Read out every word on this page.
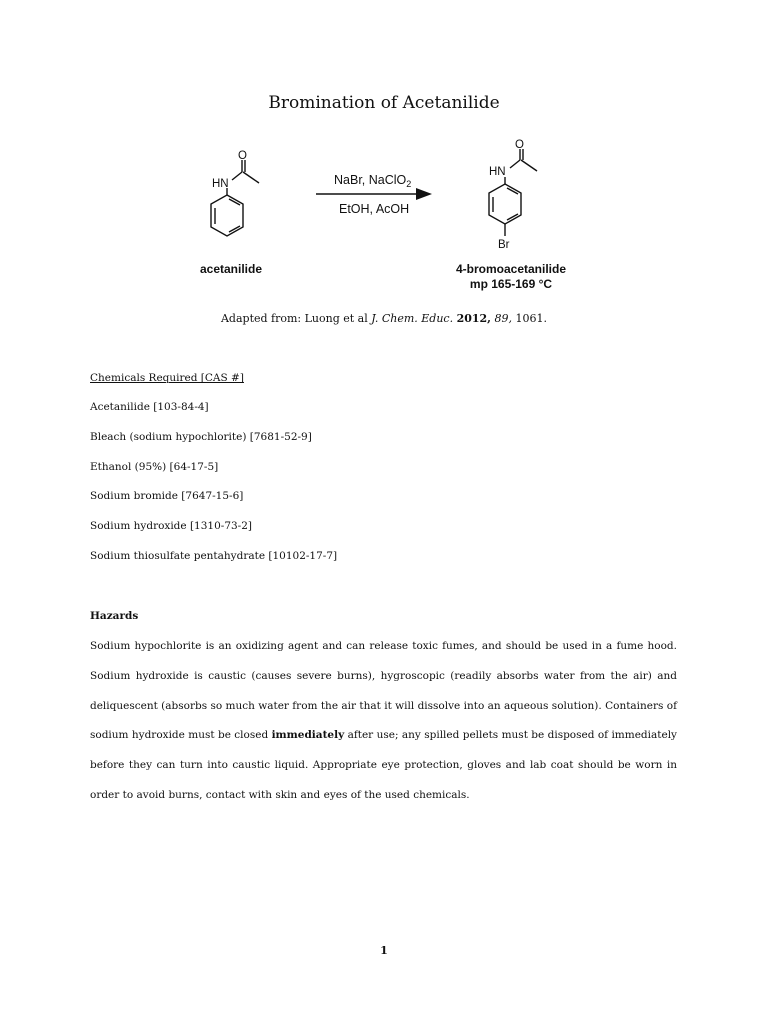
Bromination of Acetanilide
HN
O
NaBr, NaClO$_2$
EtOH, AcOH
HN
O
Br
acetanilide	4-bromoacetanilide
mp 165-169 °C
Adapted from: Luong et al J. Chem. Educ. 2012, 89, 1061.
Chemicals Required [CAS #]
Acetanilide [103-84-4]
Bleach (sodium hypochlorite) [7681-52-9]
Ethanol (95%) [64-17-5]
Sodium bromide [7647-15-6]
Sodium hydroxide [1310-73-2]
Sodium thiosulfate pentahydrate [10102-17-7]
Hazards
Sodium hypochlorite is an oxidizing agent and can release toxic fumes, and should be used in a fume hood. Sodium hydroxide is caustic (causes severe burns), hygroscopic (readily absorbs water from the air) and deliquescent (absorbs so much water from the air that it will dissolve into an aqueous solution). Containers of sodium hydroxide must be closed immediately after use; any spilled pellets must be disposed of immediately before they can turn into caustic liquid. Appropriate eye protection, gloves and lab coat should be worn in order to avoid burns, contact with skin and eyes of the used chemicals.
1
